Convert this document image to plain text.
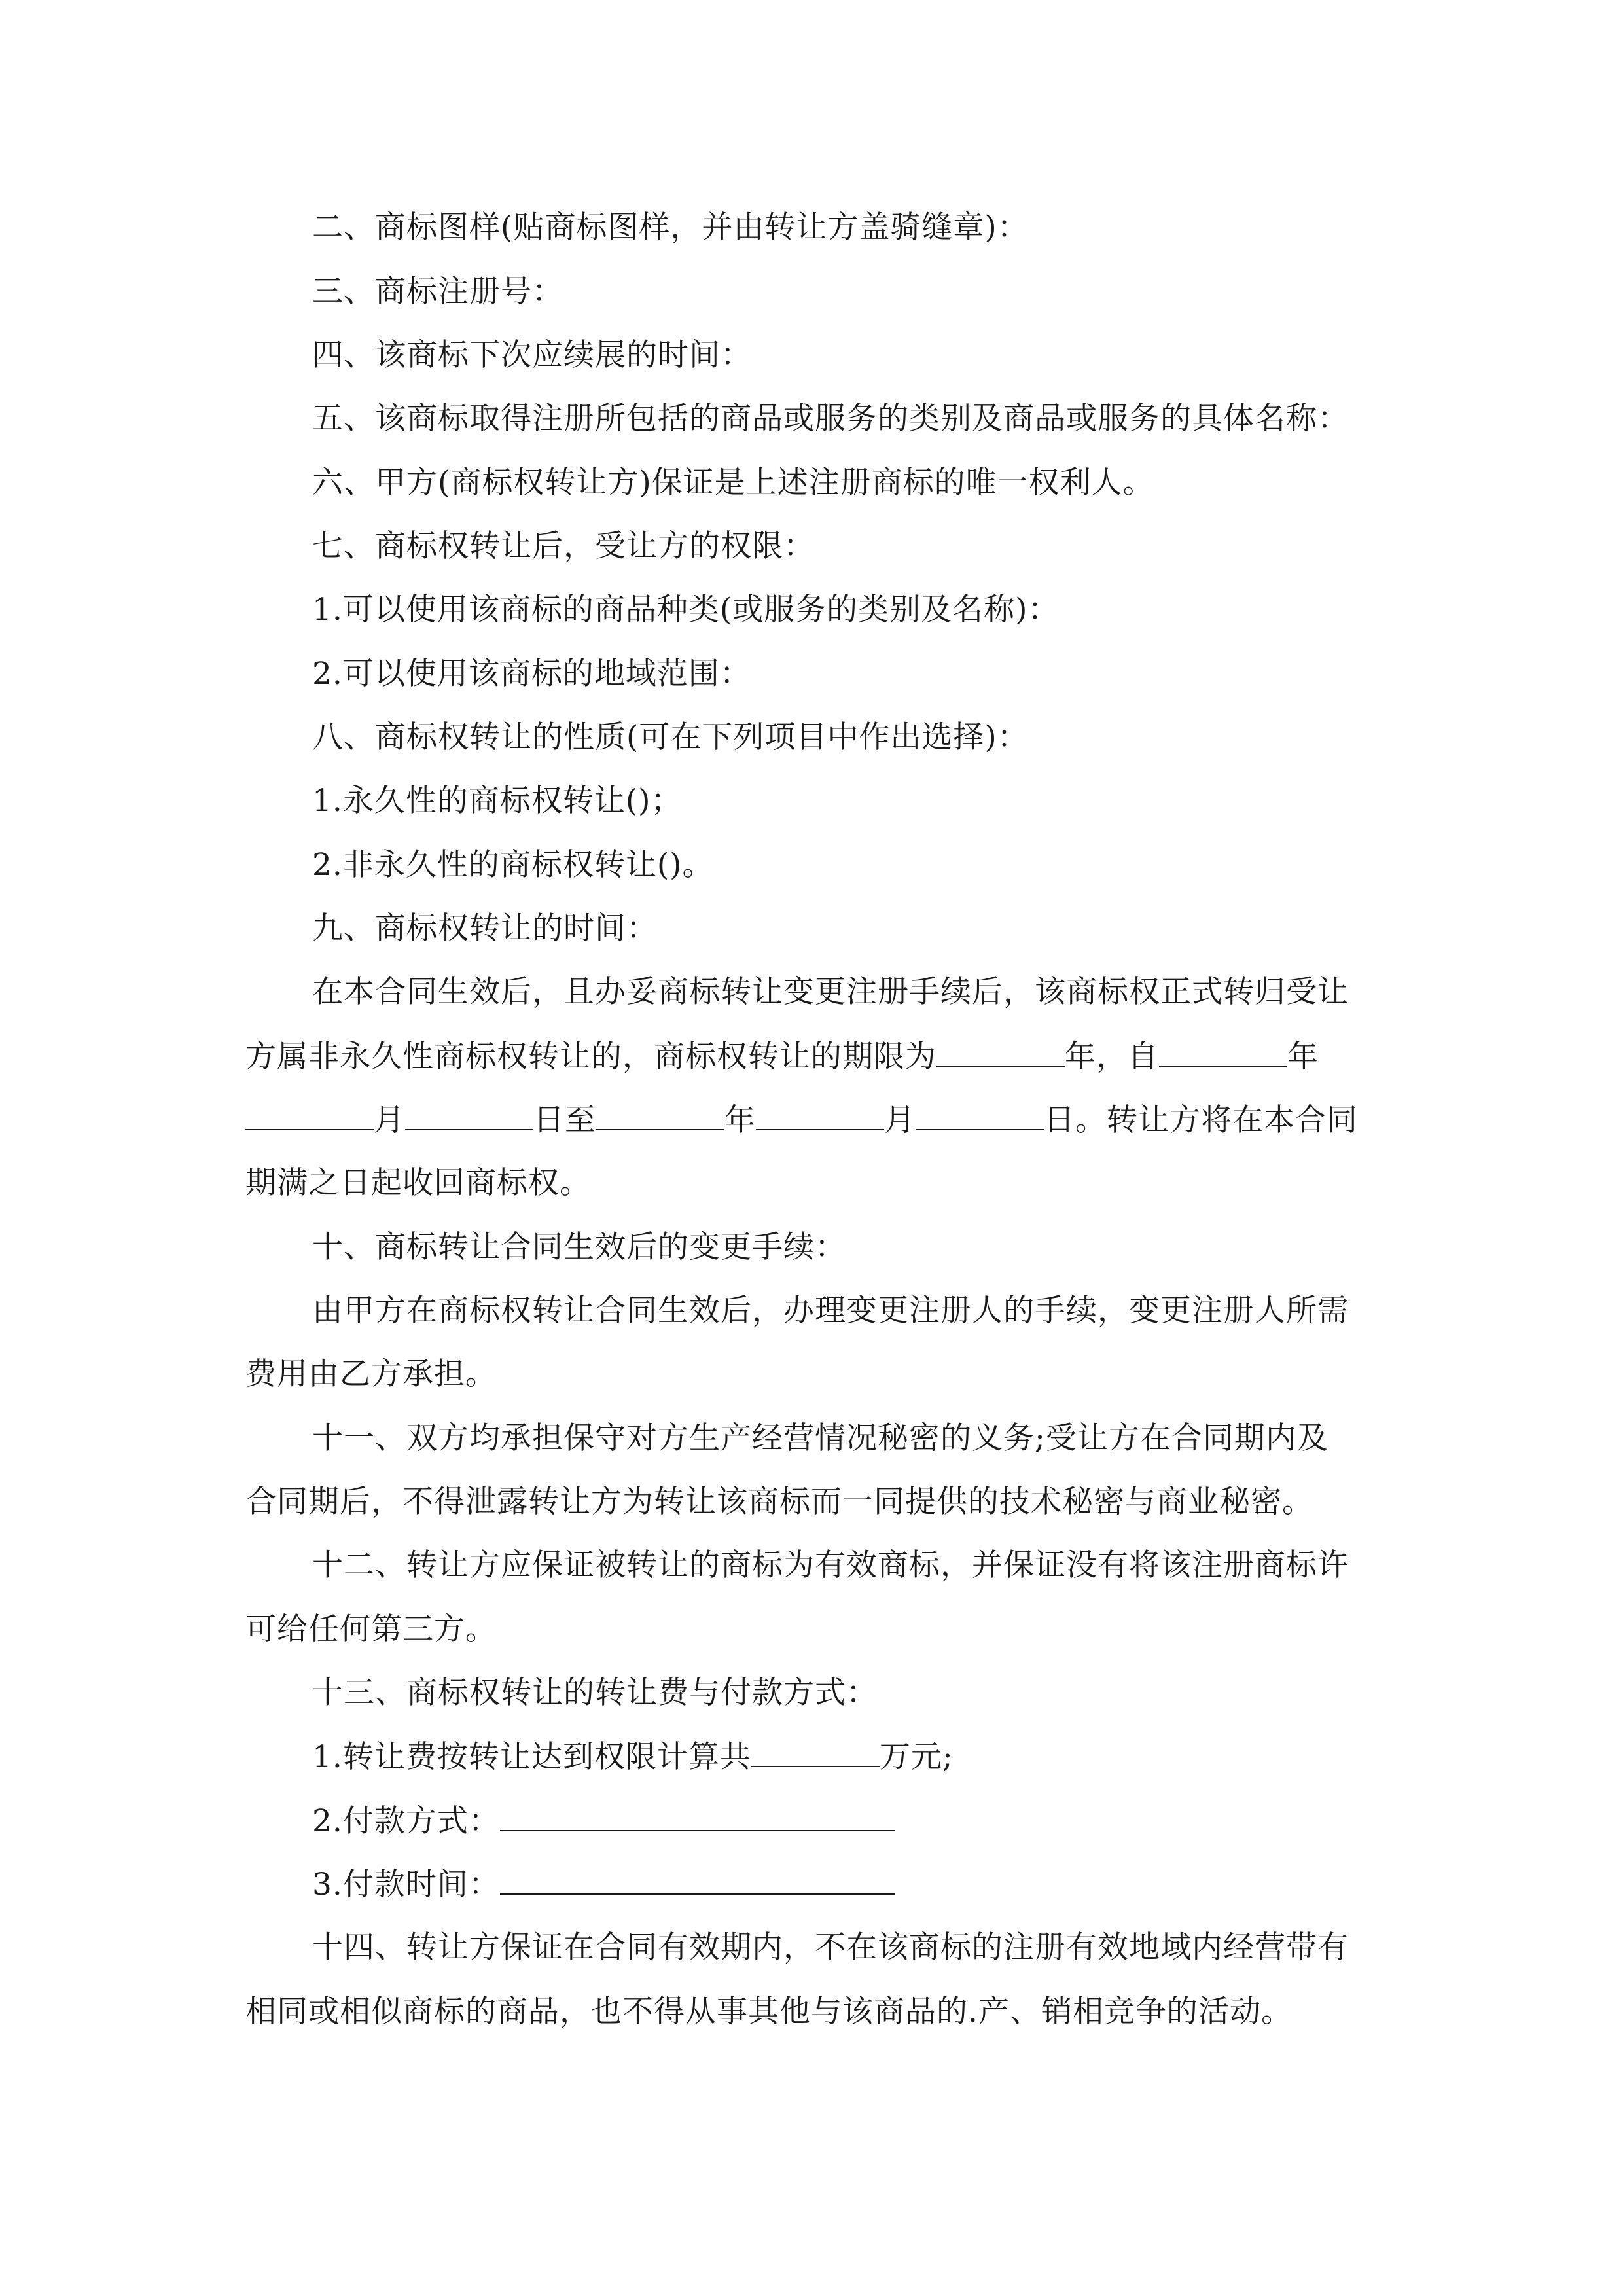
二、商标图样(贴商标图样，并由转让方盖骑缝章)：
三、商标注册号：
四、该商标下次应续展的时间：
五、该商标取得注册所包括的商品或服务的类别及商品或服务的具体名称：
六、甲方(商标权转让方)保证是上述注册商标的唯一权利人。
七、商标权转让后，受让方的权限：
1.可以使用该商标的商品种类(或服务的类别及名称)：
2.可以使用该商标的地域范围：
八、商标权转让的性质(可在下列项目中作出选择)：
1.永久性的商标权转让()；
2.非永久性的商标权转让()。
九、商标权转让的时间：
在本合同生效后，且办妥商标转让变更注册手续后，该商标权正式转归受让
方属非永久性商标权转让的，商标权转让的期限为	年，自	年
月	日至	年	月	日。转让方将在本合同
期满之日起收回商标权。
十、商标转让合同生效后的变更手续：
由甲方在商标权转让合同生效后，办理变更注册人的手续，变更注册人所需
费用由乙方承担。
十一、双方均承担保守对方生产经营情况秘密的义务;受让方在合同期内及
合同期后，不得泄露转让方为转让该商标而一同提供的技术秘密与商业秘密。
十二、转让方应保证被转让的商标为有效商标，并保证没有将该注册商标许
可给任何第三方。
十三、商标权转让的转让费与付款方式：
1.转让费按转让达到权限计算共	万元;
2.付款方式：
3.付款时间：
十四、转让方保证在合同有效期内，不在该商标的注册有效地域内经营带有
相同或相似商标的商品，也不得从事其他与该商品的.产、销相竞争的活动。
